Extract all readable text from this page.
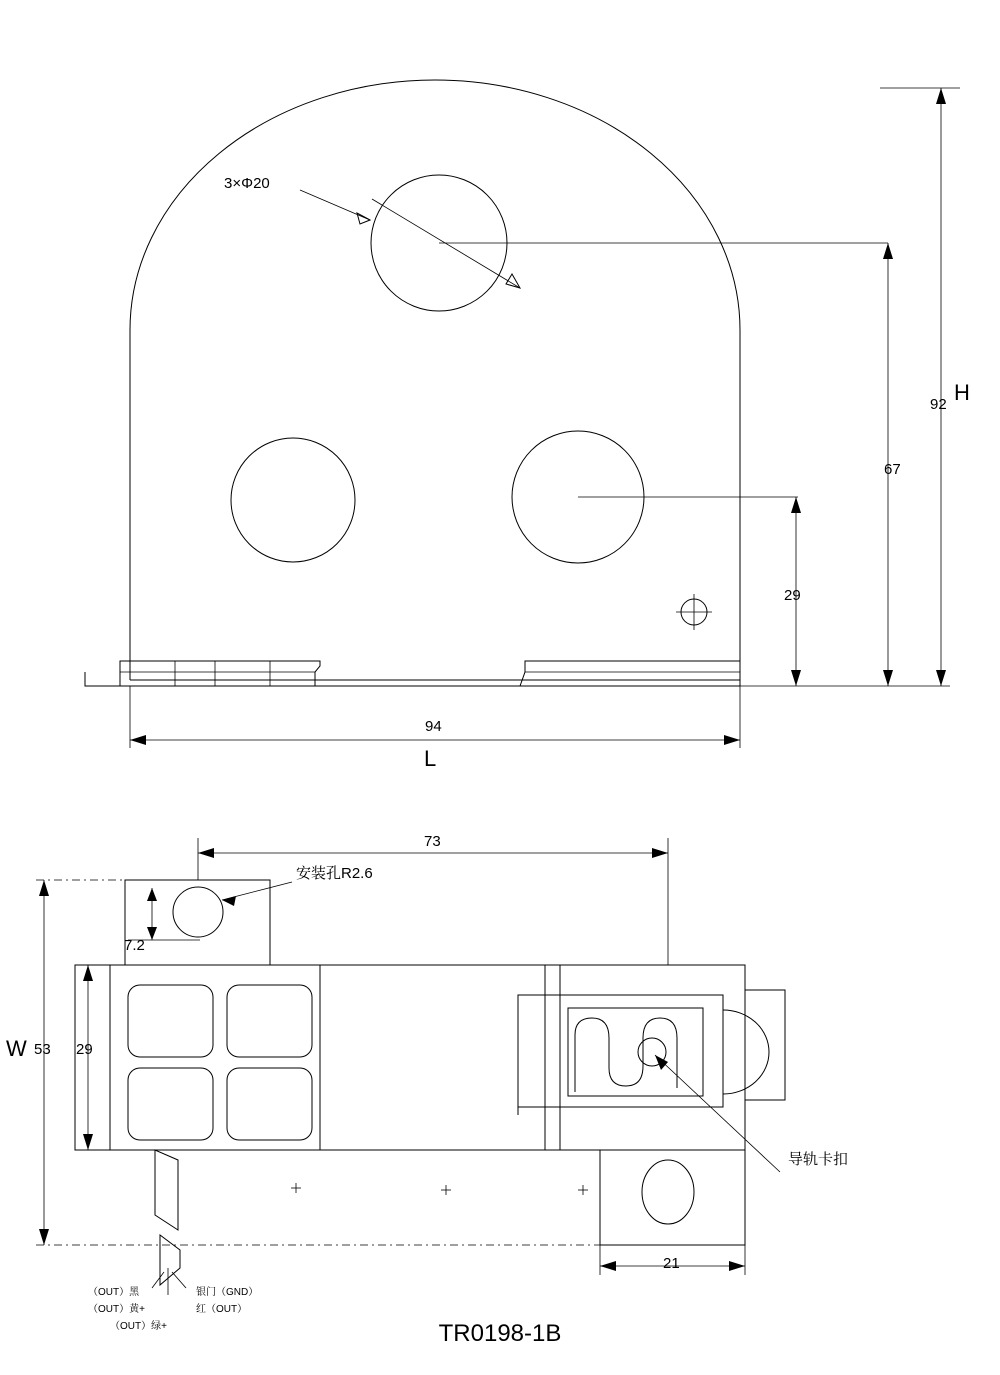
3×Φ20
92 H
67
29
94
L
73
安装孔R2.6
7.2
W 53 29
导轨卡扣
21
（OUT）黑	银门（GND）
（OUT）黄+	红（OUT）
（OUT）绿+	TR0198-1B
